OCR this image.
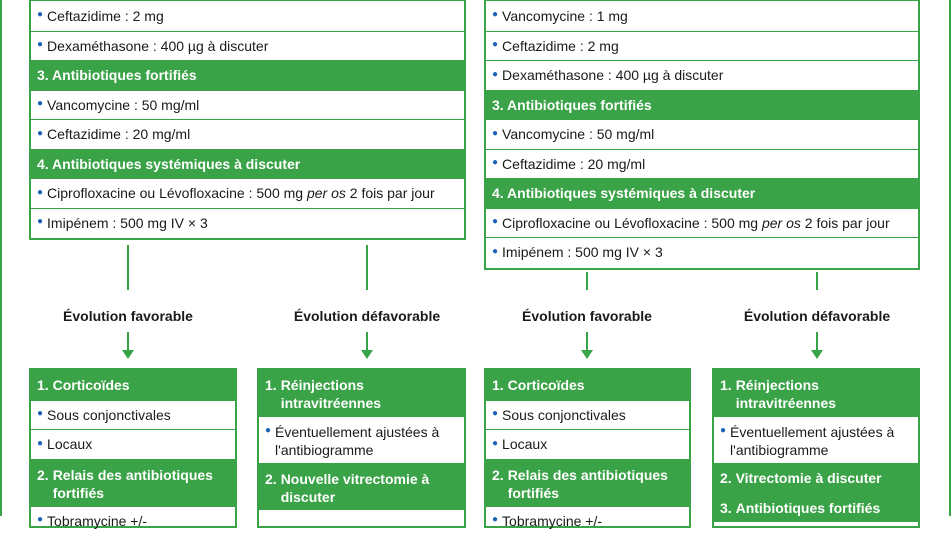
● Ceftazidime : 2 mg
● Dexaméthasone : 400 µg à discuter
3. Antibiotiques fortifiés
● Vancomycine : 50 mg/ml
● Ceftazidime : 20 mg/ml
4. Antibiotiques systémiques à discuter
● Ciprofloxacine ou Lévofloxacine : 500 mg
per os
2 fois par jour
● Imipénem : 500 mg IV × 3
Évolution favorable	Évolution défavorable
1.
Corticoïdes
● Sous conjonctivales
● Locaux
2. Relais des antibiotiques fortifiés
● Tobramycine +/-
1. Réinjections intravitréennes
● Éventuellement ajustées à l'antibiogramme
2. Nouvelle vitrectomie à discuter
● Vancomycine : 1 mg
● Ceftazidime : 2 mg
● Dexaméthasone : 400 µg à discuter
3. Antibiotiques fortifiés
● Vancomycine : 50 mg/ml
● Ceftazidime : 20 mg/ml
4. Antibiotiques systémiques à discuter
● Ciprofloxacine ou Lévofloxacine : 500 mg
per os
2 fois par jour
● Imipénem : 500 mg IV × 3
Évolution favorable	Évolution défavorable
1.
Corticoïdes
● Sous conjonctivales
● Locaux
2. Relais des antibiotiques fortifiés
● Tobramycine +/-
1. Réinjections intravitréennes
● Éventuellement ajustées à l'antibiogramme
2.
Vitrectomie à discuter
3.
Antibiotiques fortifiés
